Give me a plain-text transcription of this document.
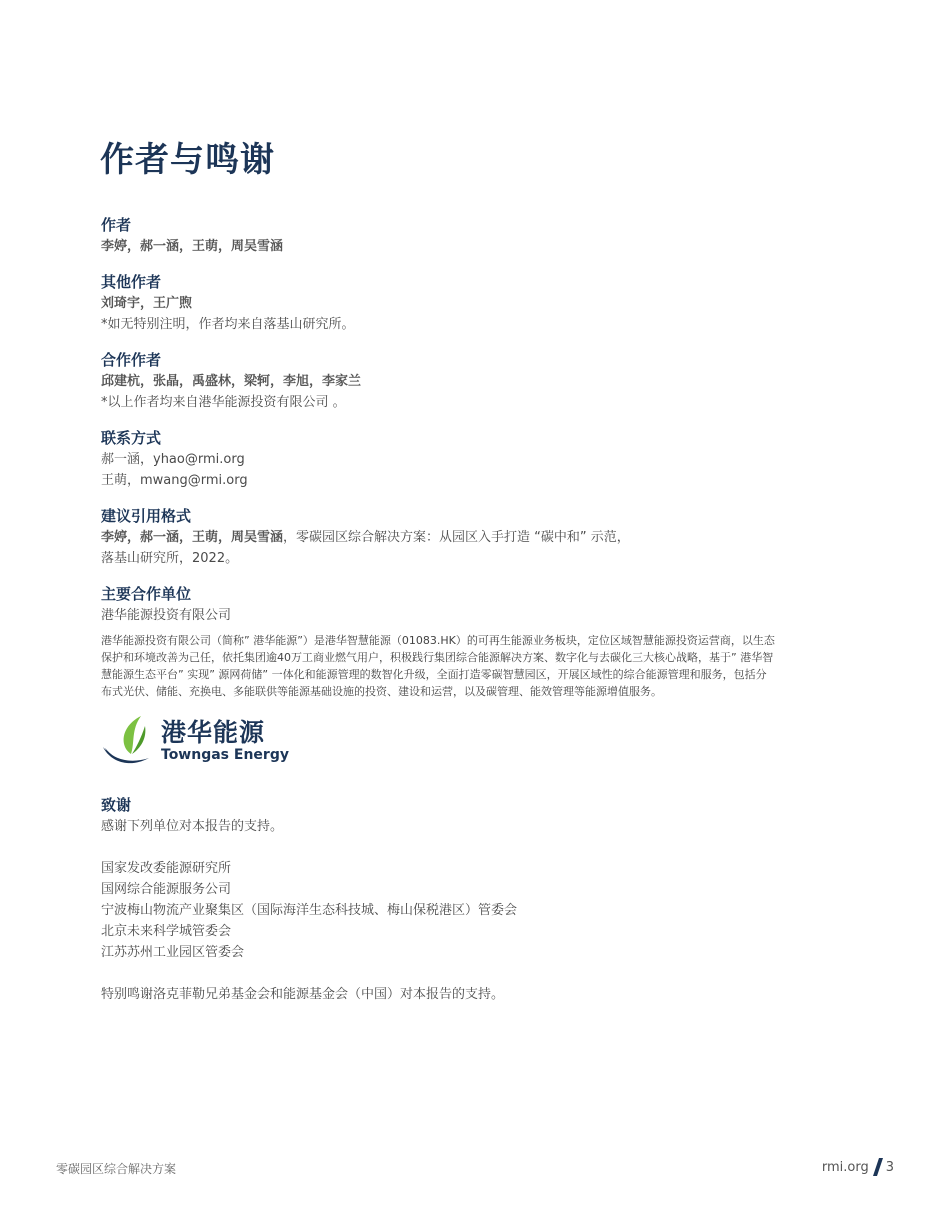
作者与鸣谢

作者

李婷，郝一涵，王萌，周吴雪涵

其他作者

刘琦宇，王广煦

*如无特别注明，作者均来自落基山研究所。

合作作者

邱建杭，张晶，禹盛林，梁轲，李旭，李家兰

*以上作者均来自港华能源投资有限公司 。

联系方式

郝一涵，yhao@rmi.org

王萌，mwang@rmi.org

建议引用格式

李婷，郝一涵，王萌，周吴雪涵，零碳园区综合解决方案：从园区入手打造 “碳中和” 示范，

落基山研究所，2022。

主要合作单位

港华能源投资有限公司

港华能源投资有限公司（简称” 港华能源”）是港华智慧能源（01083.HK）的可再生能源业务板块，定位区域智慧能源投资运营商，以生态
保护和环境改善为己任，依托集团逾40万工商业燃气用户，积极践行集团综合能源解决方案、数字化与去碳化三大核心战略，基于” 港华智
慧能源生态平台” 实现” 源网荷储” 一体化和能源管理的数智化升级，全面打造零碳智慧园区，开展区域性的综合能源管理和服务，包括分
布式光伏、储能、充换电、多能联供等能源基础设施的投资、建设和运营，以及碳管理、能效管理等能源增值服务。
港华能源
Towngas Energy

致谢

感谢下列单位对本报告的支持。

国家发改委能源研究所

国网综合能源服务公司

宁波梅山物流产业聚集区（国际海洋生态科技城、梅山保税港区）管委会

北京未来科学城管委会

江苏苏州工业园区管委会

特别鸣谢洛克菲勒兄弟基金会和能源基金会（中国）对本报告的支持。

零碳园区综合解决方案	rmi.org 3
